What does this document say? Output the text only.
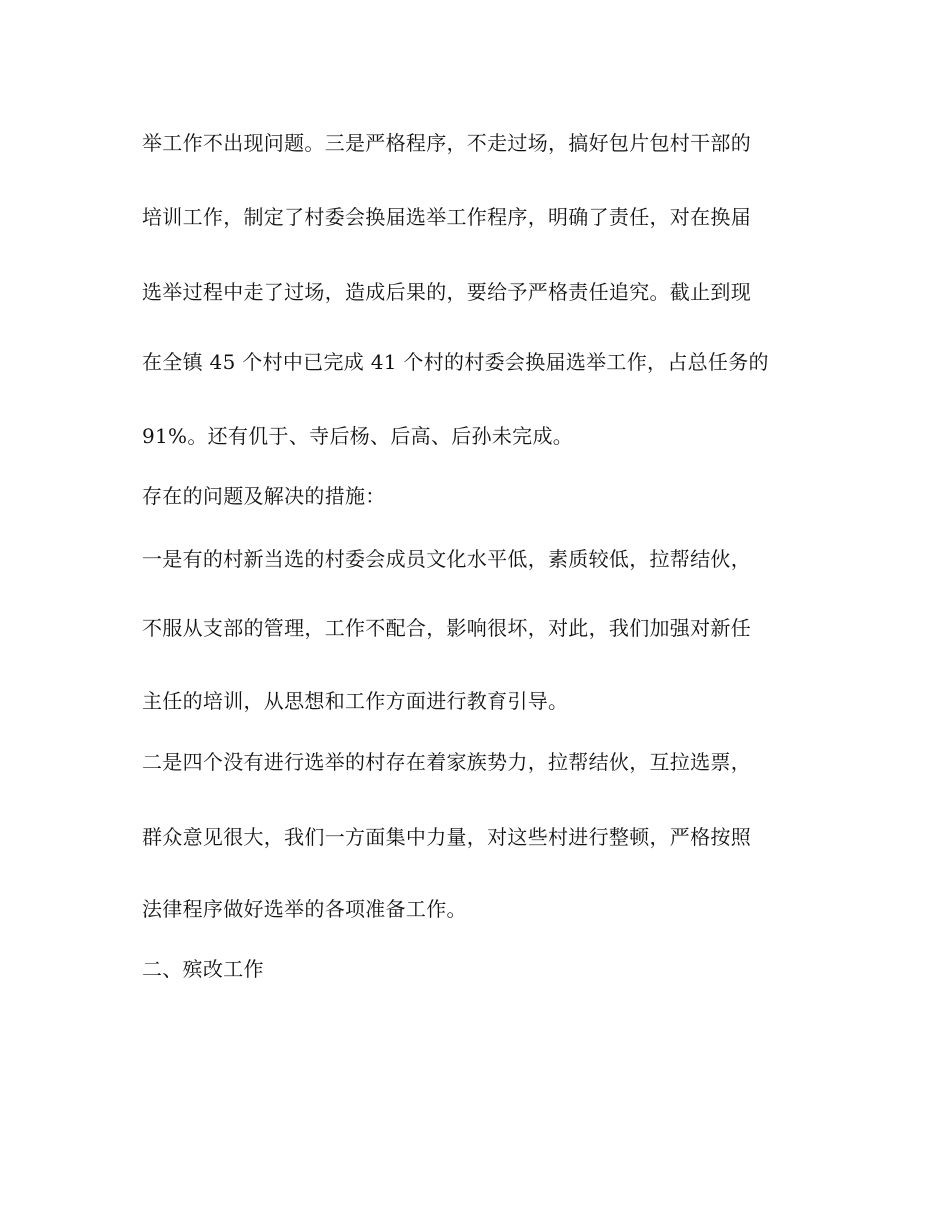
举工作不出现问题。三是严格程序，不走过场，搞好包片包村干部的
培训工作，制定了村委会换届选举工作程序，明确了责任，对在换届
选举过程中走了过场，造成后果的，要给予严格责任追究。截止到现
在全镇 45 个村中已完成 41 个村的村委会换届选举工作，占总任务的
91%。还有仉于、寺后杨、后高、后孙未完成。
存在的问题及解决的措施：
一是有的村新当选的村委会成员文化水平低，素质较低，拉帮结伙，
不服从支部的管理，工作不配合，影响很坏，对此，我们加强对新任
主任的培训，从思想和工作方面进行教育引导。
二是四个没有进行选举的村存在着家族势力，拉帮结伙，互拉选票，
群众意见很大，我们一方面集中力量，对这些村进行整顿，严格按照
法律程序做好选举的各项准备工作。
二、殡改工作
